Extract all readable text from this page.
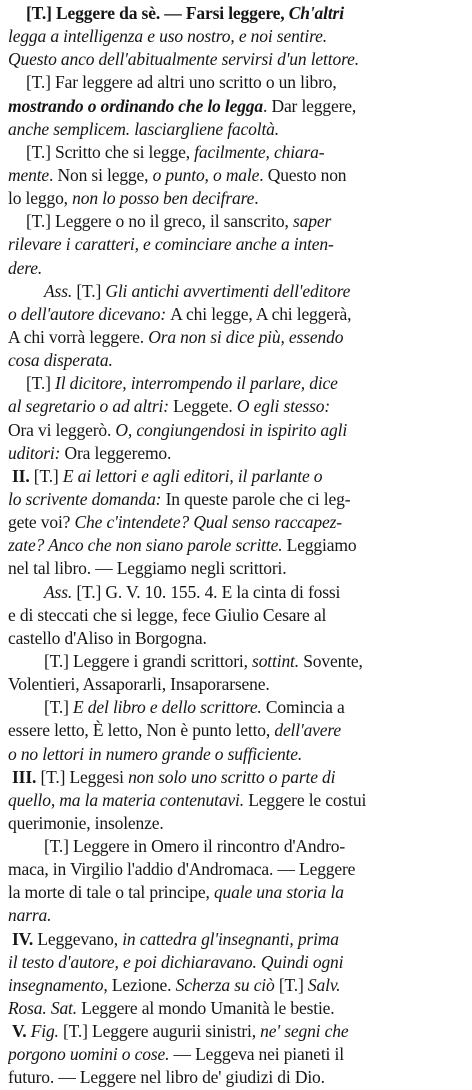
[T.] Leggere da sè. — Farsi leggere, Ch'altri
legga a intelligenza e uso nostro, e noi sentire.
Questo anco dell'abitualmente servirsi d'un lettore.
[T.] Far leggere ad altri uno scritto o un libro,
mostrando o ordinando che lo legga. Dar leggere,
anche semplicem. lasciargliene facoltà.
[T.] Scritto che si legge, facilmente, chiara-
mente. Non si legge, o punto, o male. Questo non
lo leggo, non lo posso ben decifrare.
[T.] Leggere o no il greco, il sanscrito, saper
rilevare i caratteri, e cominciare anche a inten-
dere.
Ass. [T.] Gli antichi avvertimenti dell'editore
o dell'autore dicevano: A chi legge, A chi leggerà,
A chi vorrà leggere. Ora non si dice più, essendo
cosa disperata.
[T.] Il dicitore, interrompendo il parlare, dice
al segretario o ad altri: Leggete. O egli stesso:
Ora vi leggerò. O, congiungendosi in ispirito agli
uditori: Ora leggeremo.
II. [T.] E ai lettori e agli editori, il parlante o
lo scrivente domanda: In queste parole che ci leg-
gete voi? Che c'intendete? Qual senso raccapez-
zate? Anco che non siano parole scritte. Leggiamo
nel tal libro. — Leggiamo negli scrittori.
Ass. [T.] G. V. 10. 155. 4. E la cinta di fossi
e di steccati che si legge, fece Giulio Cesare al
castello d'Aliso in Borgogna.
[T.] Leggere i grandi scrittori, sottint. Sovente,
Volentieri, Assaporarli, Insaporarsene.
[T.] E del libro e dello scrittore. Comincia a
essere letto, È letto, Non è punto letto, dell'avere
o no lettori in numero grande o sufficiente.
III. [T.] Leggesi non solo uno scritto o parte di
quello, ma la materia contenutavi. Leggere le costui
querimonie, insolenze.
[T.] Leggere in Omero il rincontro d'Andro-
maca, in Virgilio l'addio d'Andromaca. — Leggere
la morte di tale o tal principe, quale una storia la
narra.
IV. Leggevano, in cattedra gl'insegnanti, prima
il testo d'autore, e poi dichiaravano. Quindi ogni
insegnamento, Lezione. Scherza su ciò [T.] Salv.
Rosa. Sat. Leggere al mondo Umanità le bestie.
V. Fig. [T.] Leggere augurii sinistri, ne' segni che
porgono uomini o cose. — Leggeva nei pianeti il
futuro. — Leggere nel libro de' giudizi di Dio.
